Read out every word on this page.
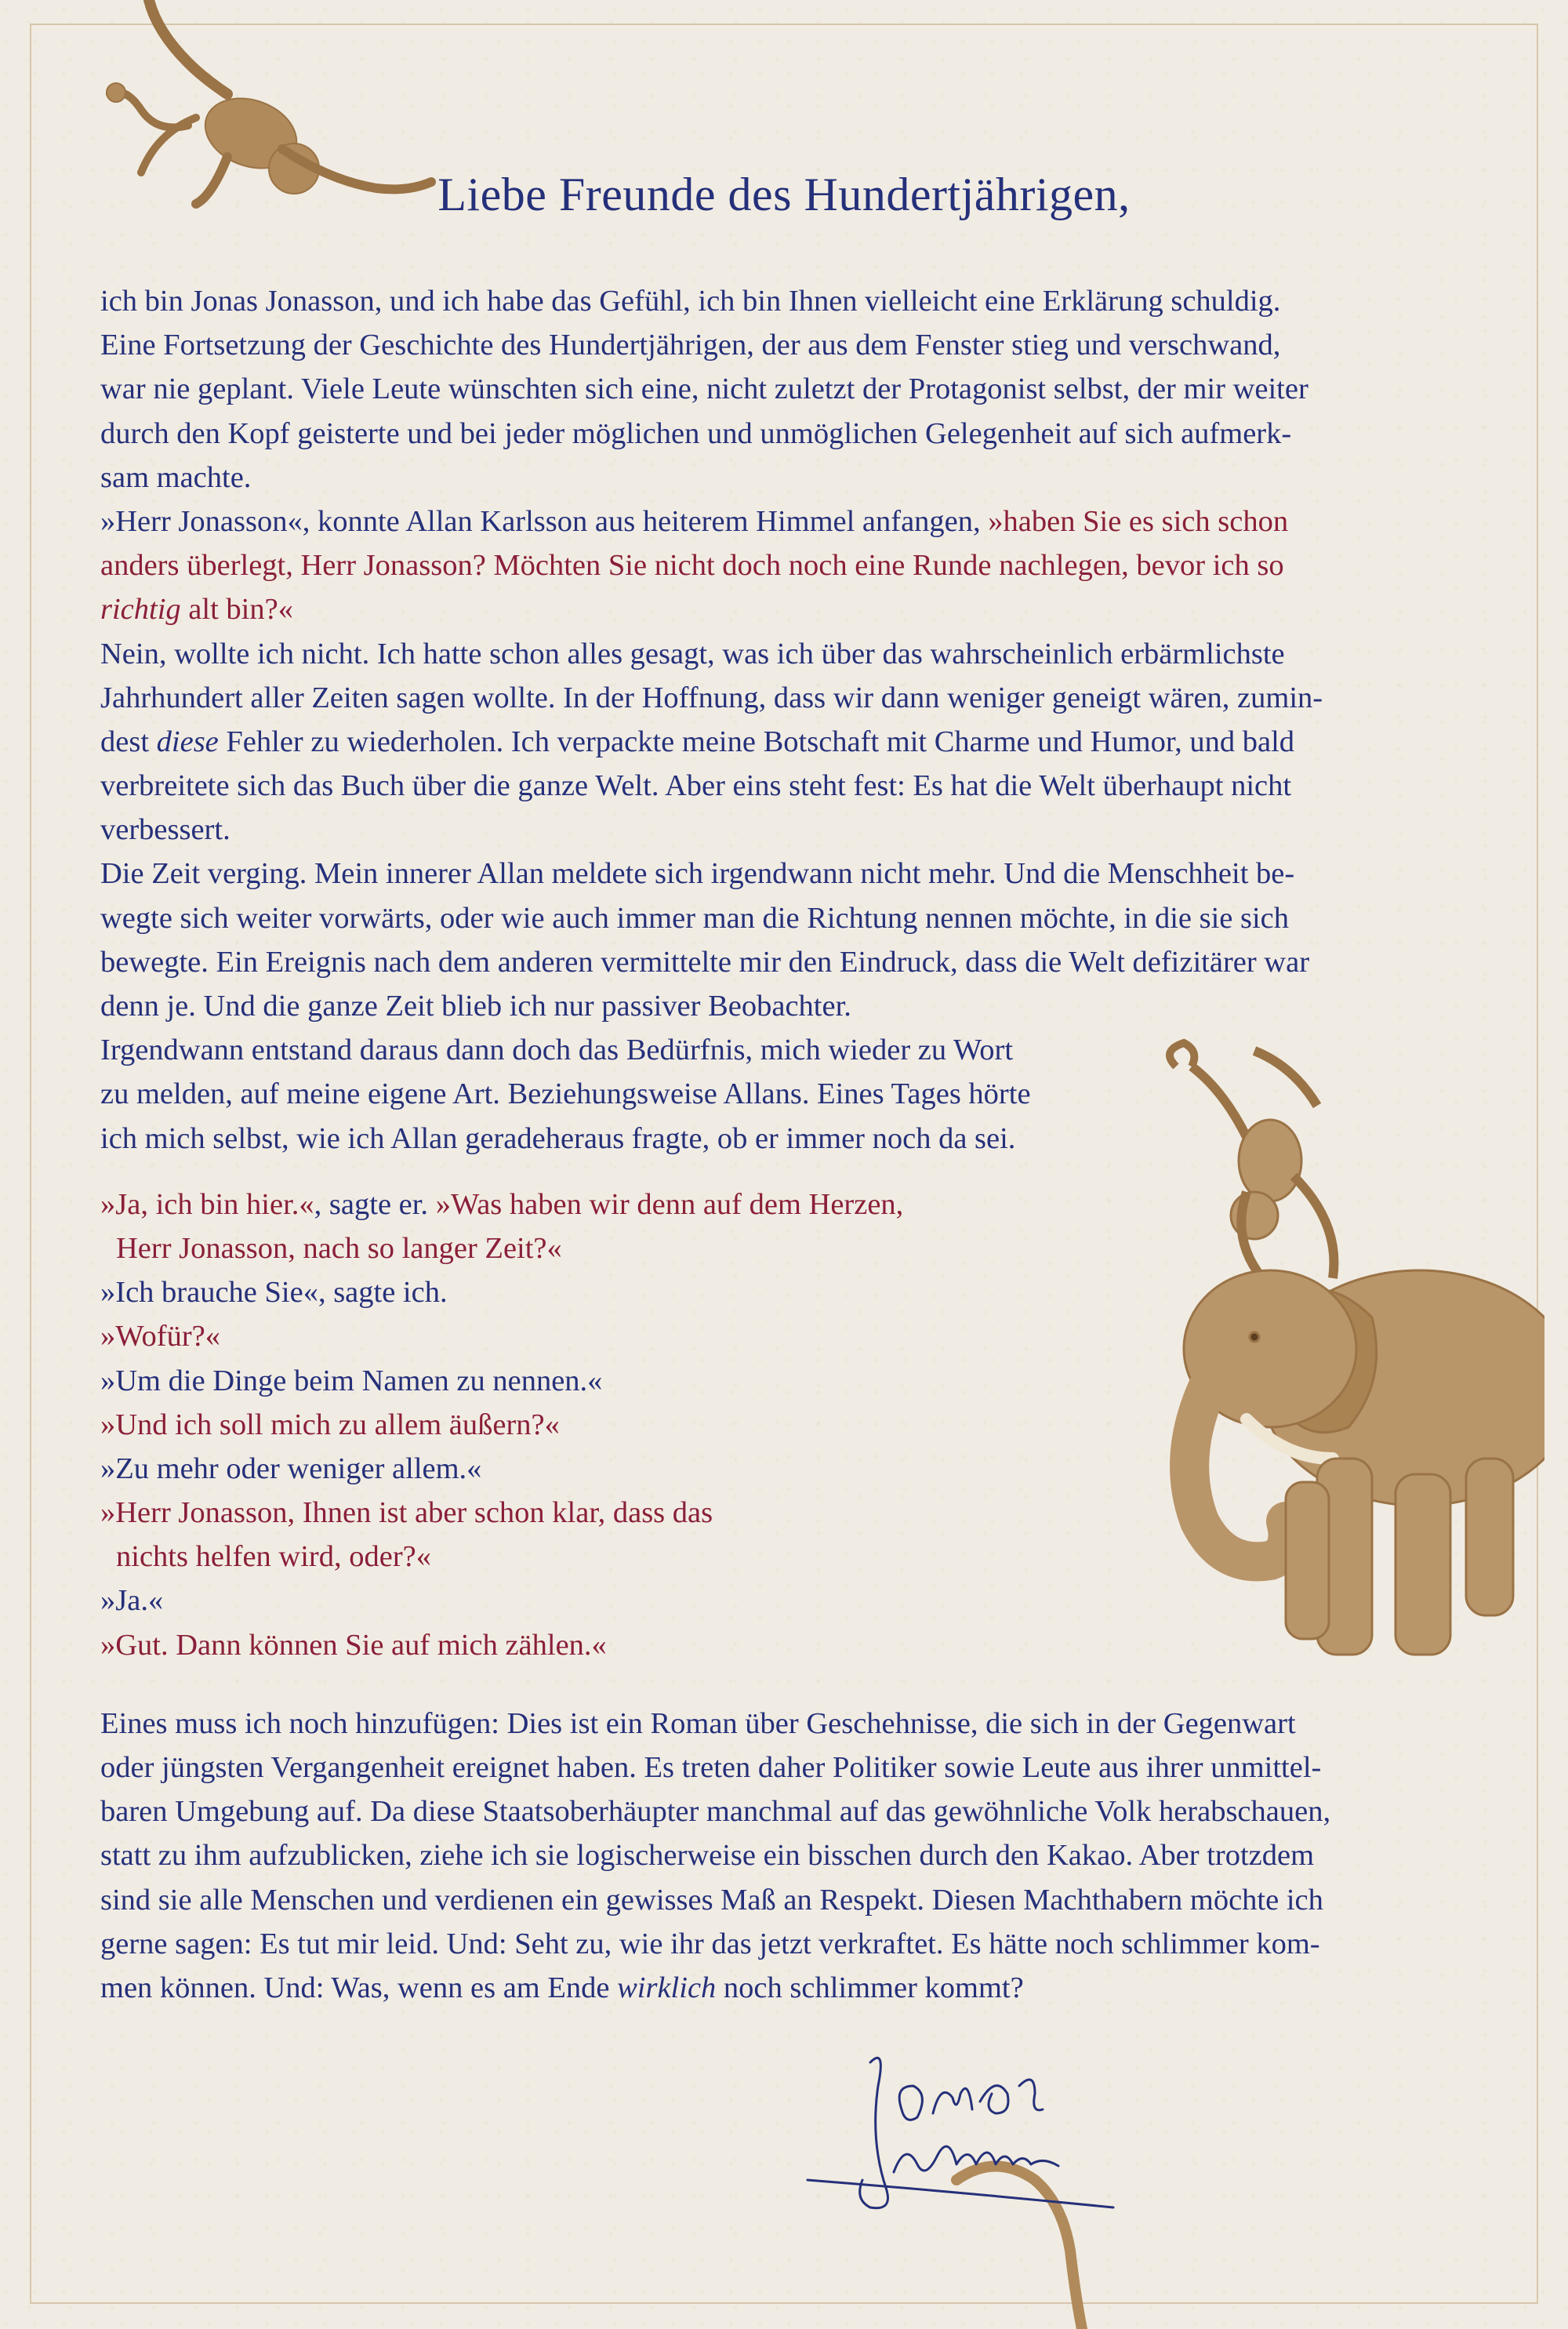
Liebe Freunde des Hundertjährigen,
ich bin Jonas Jonasson, und ich habe das Gefühl, ich bin Ihnen vielleicht eine Erklärung schuldig.
Eine Fortsetzung der Geschichte des Hundertjährigen, der aus dem Fenster stieg und verschwand,
war nie geplant. Viele Leute wünschten sich eine, nicht zuletzt der Protagonist selbst, der mir weiter
durch den Kopf geisterte und bei jeder möglichen und unmöglichen Gelegenheit auf sich aufmerk-
sam machte.
»Herr Jonasson«, konnte Allan Karlsson aus heiterem Himmel anfangen, »haben Sie es sich schon
anders überlegt, Herr Jonasson? Möchten Sie nicht doch noch eine Runde nachlegen, bevor ich so
richtig alt bin?«
Nein, wollte ich nicht. Ich hatte schon alles gesagt, was ich über das wahrscheinlich erbärmlichste
Jahrhundert aller Zeiten sagen wollte. In der Hoffnung, dass wir dann weniger geneigt wären, zumin-
dest diese Fehler zu wiederholen. Ich verpackte meine Botschaft mit Charme und Humor, und bald
verbreitete sich das Buch über die ganze Welt. Aber eins steht fest: Es hat die Welt überhaupt nicht
verbessert.
Die Zeit verging. Mein innerer Allan meldete sich irgendwann nicht mehr. Und die Menschheit be-
wegte sich weiter vorwärts, oder wie auch immer man die Richtung nennen möchte, in die sie sich
bewegte. Ein Ereignis nach dem anderen vermittelte mir den Eindruck, dass die Welt defizitärer war
denn je. Und die ganze Zeit blieb ich nur passiver Beobachter.
Irgendwann entstand daraus dann doch das Bedürfnis, mich wieder zu Wort
zu melden, auf meine eigene Art. Beziehungsweise Allans. Eines Tages hörte
ich mich selbst, wie ich Allan geradeheraus fragte, ob er immer noch da sei.
»Ja, ich bin hier.«, sagte er. »Was haben wir denn auf dem Herzen,
Herr Jonasson, nach so langer Zeit?«
»Ich brauche Sie«, sagte ich.
»Wofür?«
»Um die Dinge beim Namen zu nennen.«
»Und ich soll mich zu allem äußern?«
»Zu mehr oder weniger allem.«
»Herr Jonasson, Ihnen ist aber schon klar, dass das
nichts helfen wird, oder?«
»Ja.«
»Gut. Dann können Sie auf mich zählen.«
Eines muss ich noch hinzufügen: Dies ist ein Roman über Geschehnisse, die sich in der Gegenwart
oder jüngsten Vergangenheit ereignet haben. Es treten daher Politiker sowie Leute aus ihrer unmittel-
baren Umgebung auf. Da diese Staatsoberhäupter manchmal auf das gewöhnliche Volk herabschauen,
statt zu ihm aufzublicken, ziehe ich sie logischerweise ein bisschen durch den Kakao. Aber trotzdem
sind sie alle Menschen und verdienen ein gewisses Maß an Respekt. Diesen Machthabern möchte ich
gerne sagen: Es tut mir leid. Und: Seht zu, wie ihr das jetzt verkraftet. Es hätte noch schlimmer kom-
men können. Und: Was, wenn es am Ende wirklich noch schlimmer kommt?
